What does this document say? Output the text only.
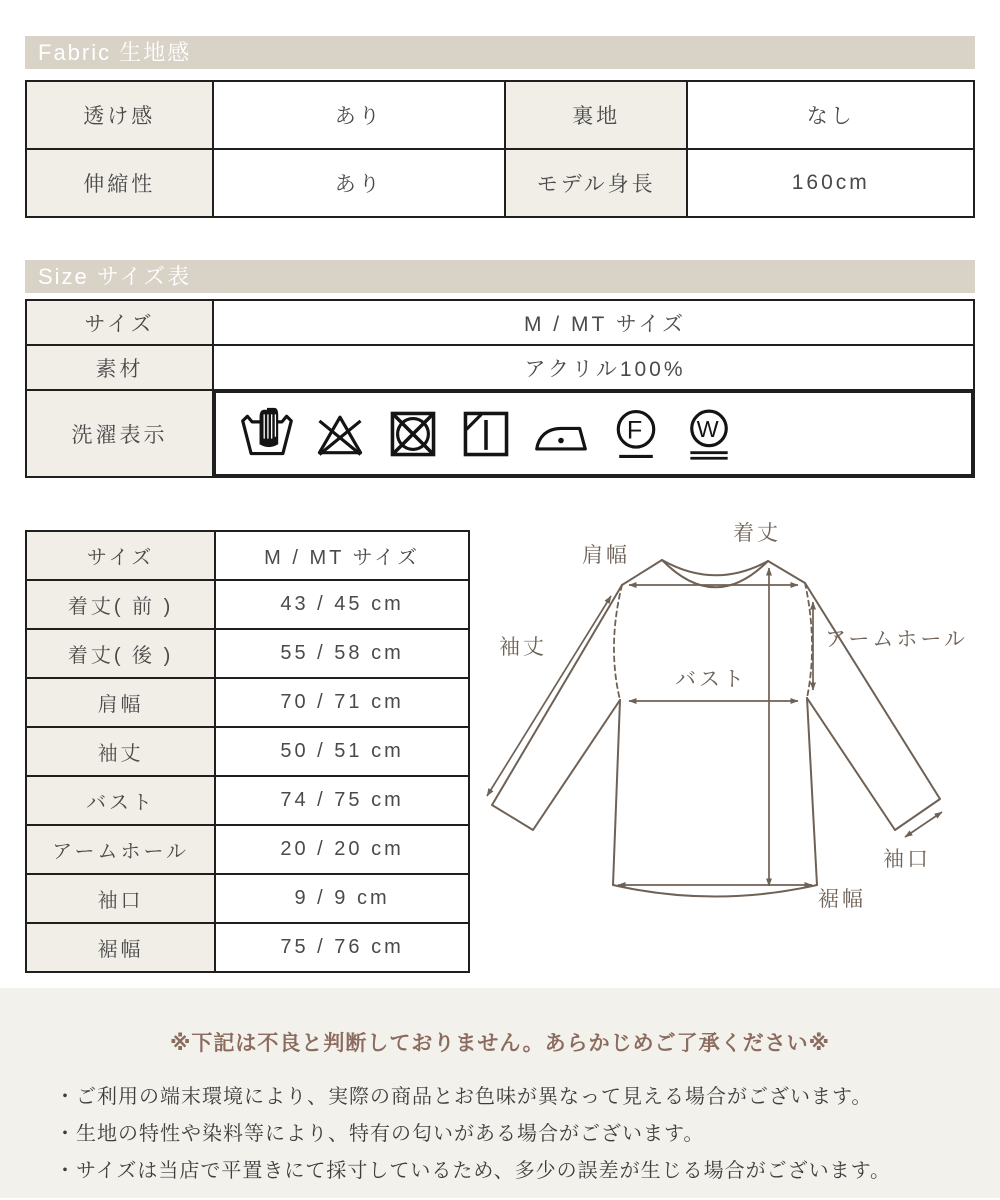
Fabric 生地感
透け感	あり	裏地	なし
伸縮性	あり	モデル身長	160cm
Size サイズ表
サイズ	M / MT サイズ
素材	アクリル100%
洗濯表示		F W
サイズ	M / MT サイズ
着丈( 前 )	43 / 45 cm
着丈( 後 )	55 / 58 cm
肩幅	70 / 71 cm
袖丈	50 / 51 cm
バスト	74 / 75 cm
アームホール	20 / 20 cm
袖口	9 / 9 cm
裾幅	75 / 76 cm
肩幅
着丈
袖丈	アームホール
バスト
袖口
裾幅
※下記は不良と判断しておりません。あらかじめご了承ください※
・ご利用の端末環境により、実際の商品とお色味が異なって見える場合がございます。
・生地の特性や染料等により、特有の匂いがある場合がございます。
・サイズは当店で平置きにて採寸しているため、多少の誤差が生じる場合がございます。
